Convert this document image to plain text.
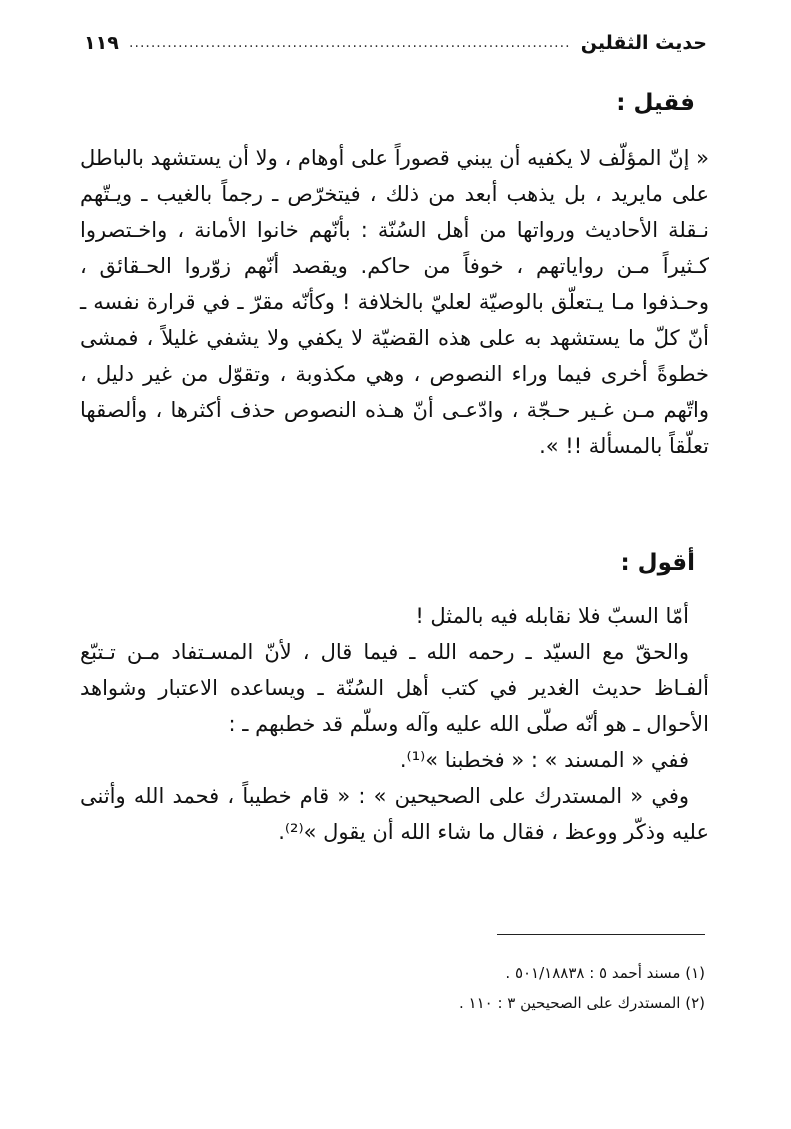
حديث الثقلين
.................................................................................
١١٩
فقيل :

« إنّ المؤلّف لا يكفيه أن يبني قصوراً على أوهام ، ولا أن يستشهد بالباطل على مايريد ، بل يذهب أبعد من ذلك ، فيتخرّص ـ رجماً بالغيب ـ ويـتّهم نـقلة الأحاديث ورواتها من أهل السُنّة : بأنّهم خانوا الأمانة ، واخـتصروا كـثيراً مـن رواياتهم ، خوفاً من حاكم. ويقصد أنّهم زوّروا الحـقائق ، وحـذفوا مـا يـتعلّق بالوصيّة لعليّ بالخلافة ! وكأنّه مقرّ ـ في قرارة نفسه ـ أنّ كلّ ما يستشهد به على هذه القضيّة لا يكفي ولا يشفي غليلاً ، فمشى خطوةً أخرى فيما وراء النصوص ، وهي مكذوبة ، وتقوّل من غير دليل ، واتّهم مـن غـير حـجّة ، وادّعـى أنّ هـذه النصوص حذف أكثرها ، وألصقها تعلّقاً بالمسألة !! ».

أقول :

أمّا السبّ فلا نقابله فيه بالمثل !

والحقّ مع السيّد ـ رحمه الله ـ فيما قال ، لأنّ المسـتفاد مـن تـتبّع ألفـاظ حديث الغدير في كتب أهل السُنّة ـ ويساعده الاعتبار وشواهد الأحوال ـ هو أنّه صلّى الله عليه وآله وسلّم قد خطبهم ـ :

ففي « المسند » : « فخطبنا »⁽¹⁾.

وفي « المستدرك على الصحيحين » : « قام خطيباً ، فحمد الله وأثنى عليه وذكّر ووعظ ، فقال ما شاء الله أن يقول »⁽²⁾.

(١) مسند أحمد ٥ : ٥٠١/١٨٨٣٨ .

(٢) المستدرك على الصحيحين ٣ : ١١٠ .
